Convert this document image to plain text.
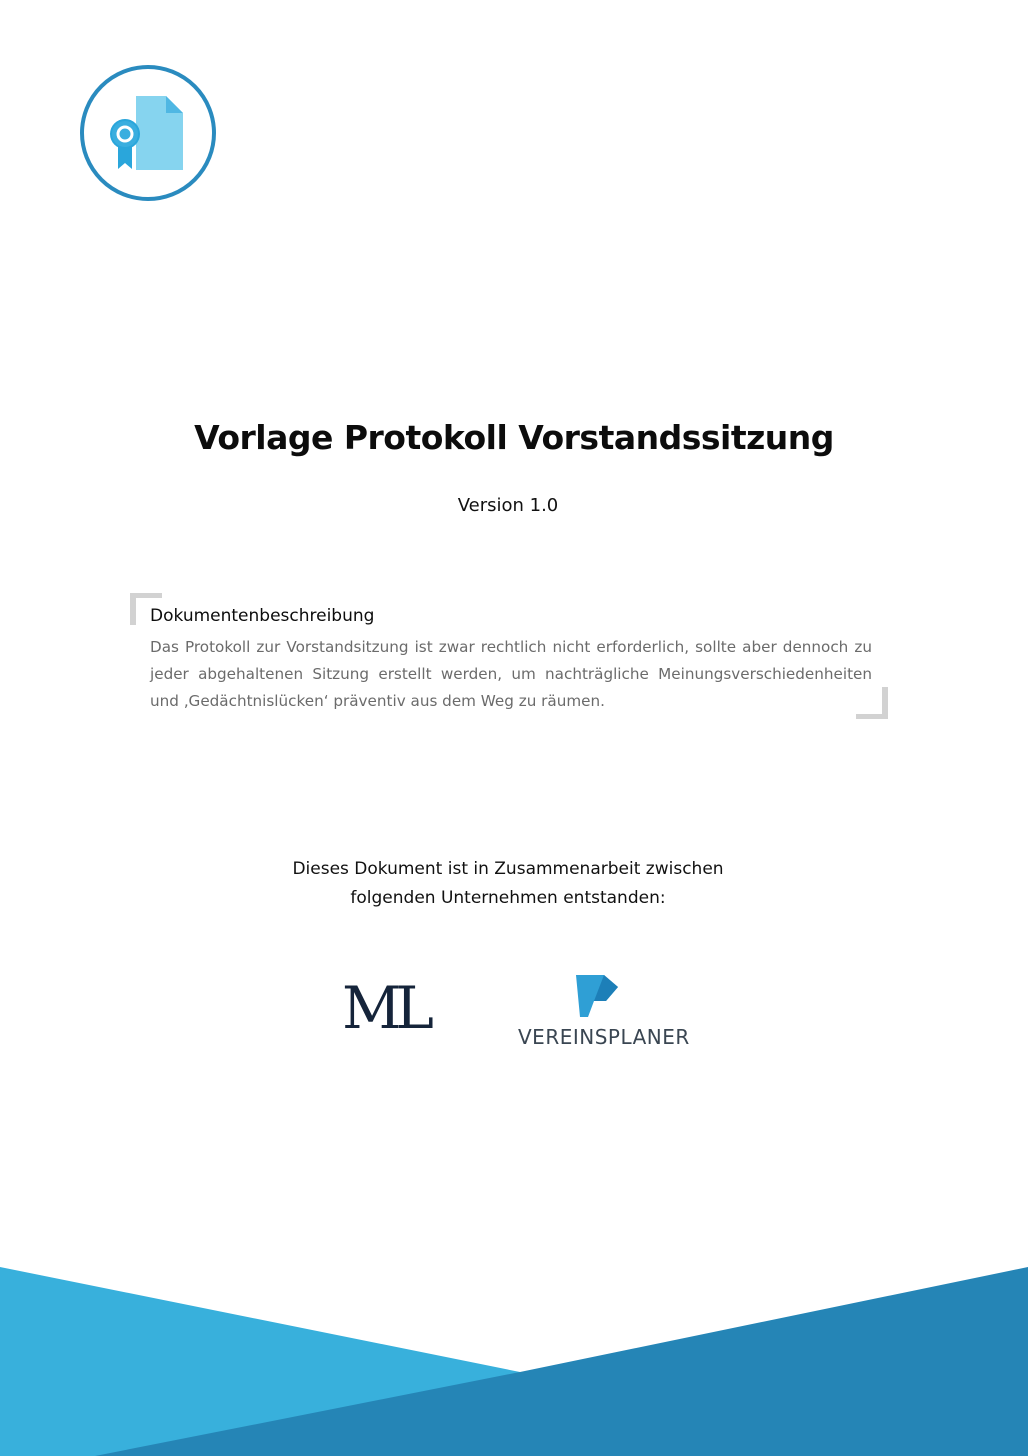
Vorlage Protokoll Vorstandssitzung
Version 1.0
Dokumentenbeschreibung
Das Protokoll zur Vorstandsitzung ist zwar rechtlich nicht erforderlich, sollte aber dennoch zu jeder abgehaltenen Sitzung erstellt werden, um nachträgliche Meinungsverschiedenheiten und ‚Gedächtnislücken‘ präventiv aus dem Weg zu räumen.
Dieses Dokument ist in Zusammenarbeit zwischen
folgenden Unternehmen entstanden:
ML	VEREINSPLANER
